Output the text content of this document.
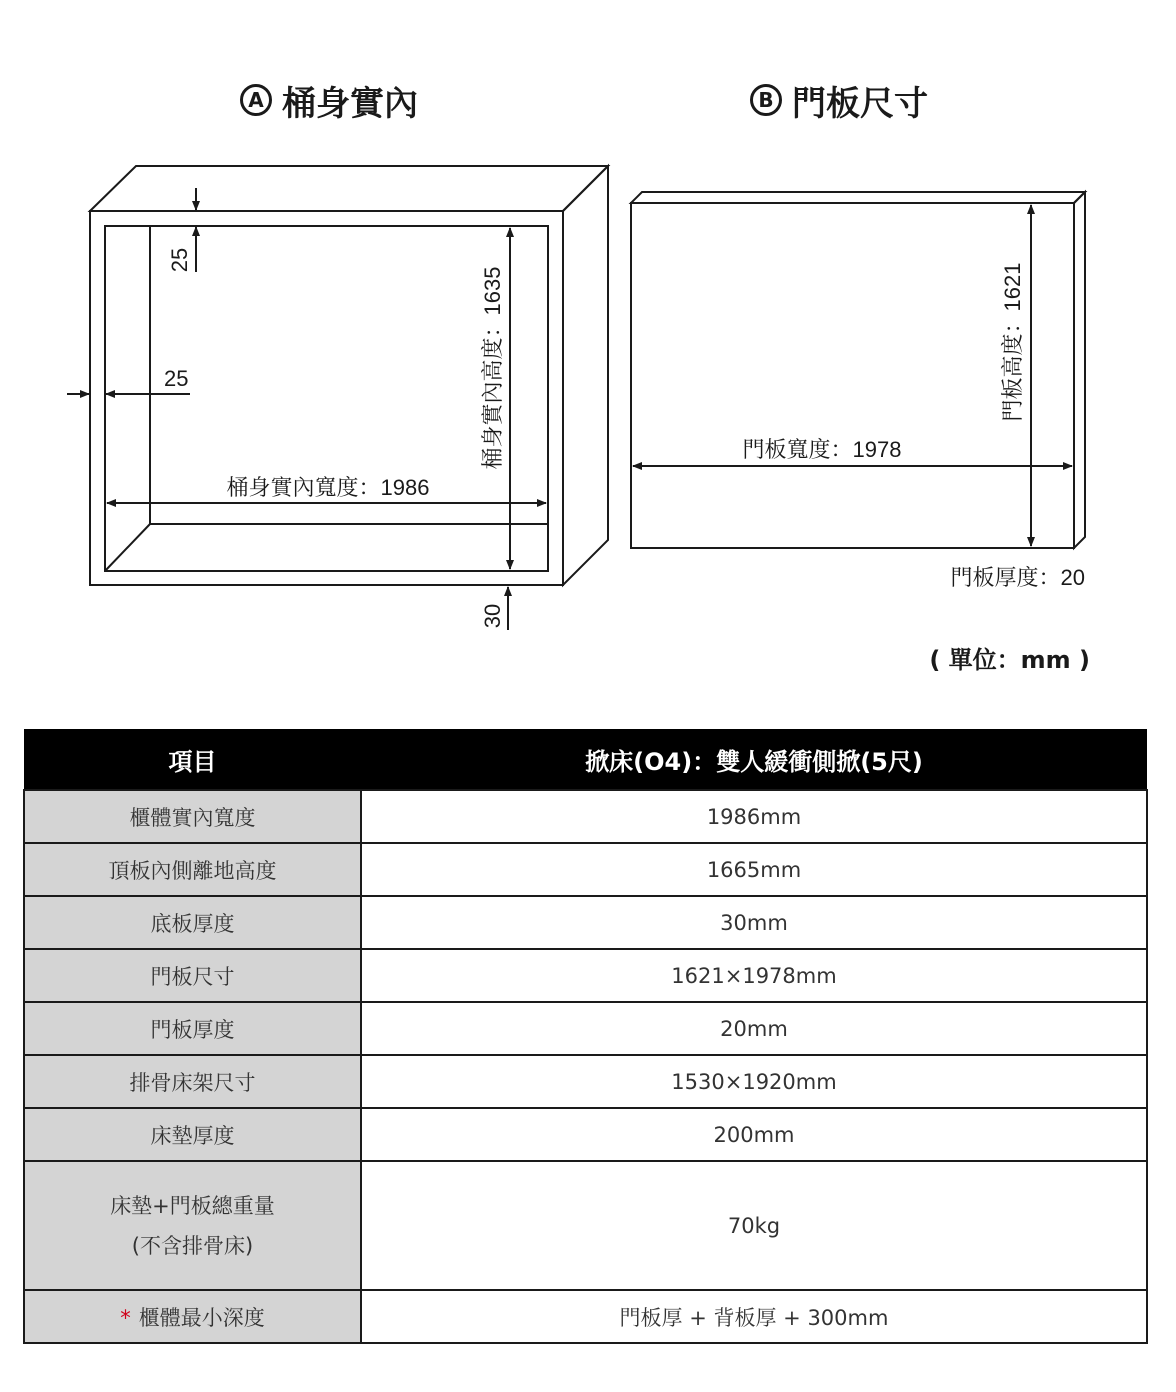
A 桶身實內	B 門板尺寸
25
25	桶身實內高度：1635
桶身實內寬度：1986
30
門板高度：1621
門板寬度：1978
門板厚度：20
( 單位：mm )
項目	掀床(O4)：雙人緩衝側掀(5尺)
櫃體實內寬度	1986mm
頂板內側離地高度	1665mm
底板厚度	30mm
門板尺寸	1621×1978mm
門板厚度	20mm
排骨床架尺寸	1530×1920mm
床墊厚度	200mm

床墊+門板總重量
(不含排骨床)	70kg
* 櫃體最小深度	門板厚 + 背板厚 + 300mm
